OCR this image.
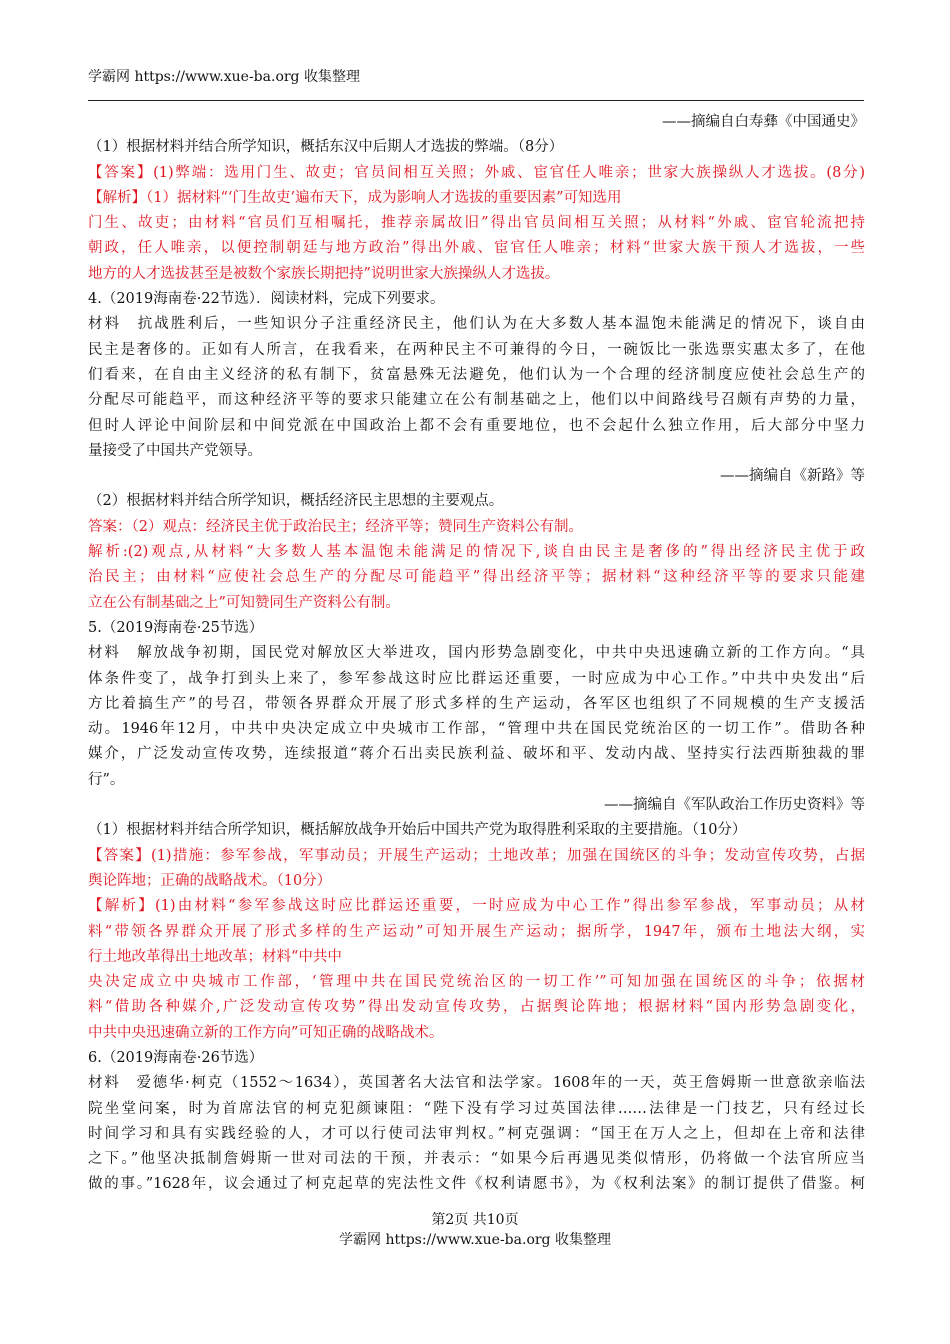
学霸网 https://www.xue-ba.org 收集整理
——摘编自白寿彝《中国通史》
（1）根据材料并结合所学知识，概括东汉中后期人才选拔的弊端。（8分）
【答案】(1)弊端：选用门生、故吏；官员间相互关照；外戚、宦官任人唯亲；世家大族操纵人才选拔。(8分)
【解析】（1）据材料“‘门生故吏’遍布天下，成为影响人才选拔的重要因素”可知选用
门生、故吏；由材料“官员们互相嘱托，推荐亲属故旧”得出官员间相互关照；从材料“外戚、宦官轮流把持
朝政，任人唯亲，以便控制朝廷与地方政治”得出外戚、宦官任人唯亲；材料“世家大族干预人才选拔，一些
地方的人才选拔甚至是被数个家族长期把持”说明世家大族操纵人才选拔。
4.（2019海南卷·22节选）．阅读材料，完成下列要求。
材料　抗战胜利后，一些知识分子注重经济民主，他们认为在大多数人基本温饱未能满足的情况下，谈自由
民主是奢侈的。正如有人所言，在我看来，在两种民主不可兼得的今日，一碗饭比一张选票实惠太多了，在他
们看来，在自由主义经济的私有制下，贫富悬殊无法避免，他们认为一个合理的经济制度应使社会总生产的
分配尽可能趋平，而这种经济平等的要求只能建立在公有制基础之上，他们以中间路线号召颇有声势的力量，
但时人评论中间阶层和中间党派在中国政治上都不会有重要地位，也不会起什么独立作用，后大部分中坚力
量接受了中国共产党领导。
——摘编自《新路》等
（2）根据材料并结合所学知识，概括经济民主思想的主要观点。
答案：（2）观点：经济民主优于政治民主；经济平等；赞同生产资料公有制。
解析:(2)观点,从材料“大多数人基本温饱未能满足的情况下,谈自由民主是奢侈的”得出经济民主优于政
治民主；由材料“应使社会总生产的分配尽可能趋平”得出经济平等；据材料“这种经济平等的要求只能建
立在公有制基础之上”可知赞同生产资料公有制。
5.（2019海南卷·25节选）
材料　解放战争初期，国民党对解放区大举进攻，国内形势急剧变化，中共中央迅速确立新的工作方向。“具
体条件变了，战争打到头上来了，参军参战这时应比群运还重要，一时应成为中心工作。”中共中央发出“后
方比着搞生产”的号召，带领各界群众开展了形式多样的生产运动，各军区也组织了不同规模的生产支援活
动。1946年12月，中共中央决定成立中央城市工作部，“管理中共在国民党统治区的一切工作”。借助各种
媒介，广泛发动宣传攻势，连续报道“蒋介石出卖民族利益、破坏和平、发动内战、坚持实行法西斯独裁的罪
行”。
——摘编自《军队政治工作历史资料》等
（1）根据材料并结合所学知识，概括解放战争开始后中国共产党为取得胜利采取的主要措施。（10分）
【答案】(1)措施：参军参战，军事动员；开展生产运动；土地改革；加强在国统区的斗争；发动宣传攻势，占据
舆论阵地；正确的战略战术。（10分）
【解析】(1)由材料“参军参战这时应比群运还重要，一时应成为中心工作”得出参军参战，军事动员；从材
料“带领各界群众开展了形式多样的生产运动”可知开展生产运动；据所学，1947年，颁布土地法大纲，实
行土地改革得出土地改革；材料“中共中
央决定成立中央城市工作部，‘管理中共在国民党统治区的一切工作’”可知加强在国统区的斗争；依据材
料“借助各种媒介,广泛发动宣传攻势”得出发动宣传攻势，占据舆论阵地；根据材料“国内形势急剧变化，
中共中央迅速确立新的工作方向”可知正确的战略战术。
6.（2019海南卷·26节选）
材料　爱德华·柯克（1552～1634），英国著名大法官和法学家。1608年的一天，英王詹姆斯一世意欲亲临法
院坐堂问案，时为首席法官的柯克犯颜谏阻：“陛下没有学习过英国法律……法律是一门技艺，只有经过长
时间学习和具有实践经验的人，才可以行使司法审判权。”柯克强调：“国王在万人之上，但却在上帝和法律
之下。”他坚决抵制詹姆斯一世对司法的干预，并表示：“如果今后再遇见类似情形，仍将做一个法官所应当
做的事。”1628年，议会通过了柯克起草的宪法性文件《权利请愿书》，为《权利法案》的制订提供了借鉴。柯
第2页 共10页
学霸网 https://www.xue-ba.org 收集整理
